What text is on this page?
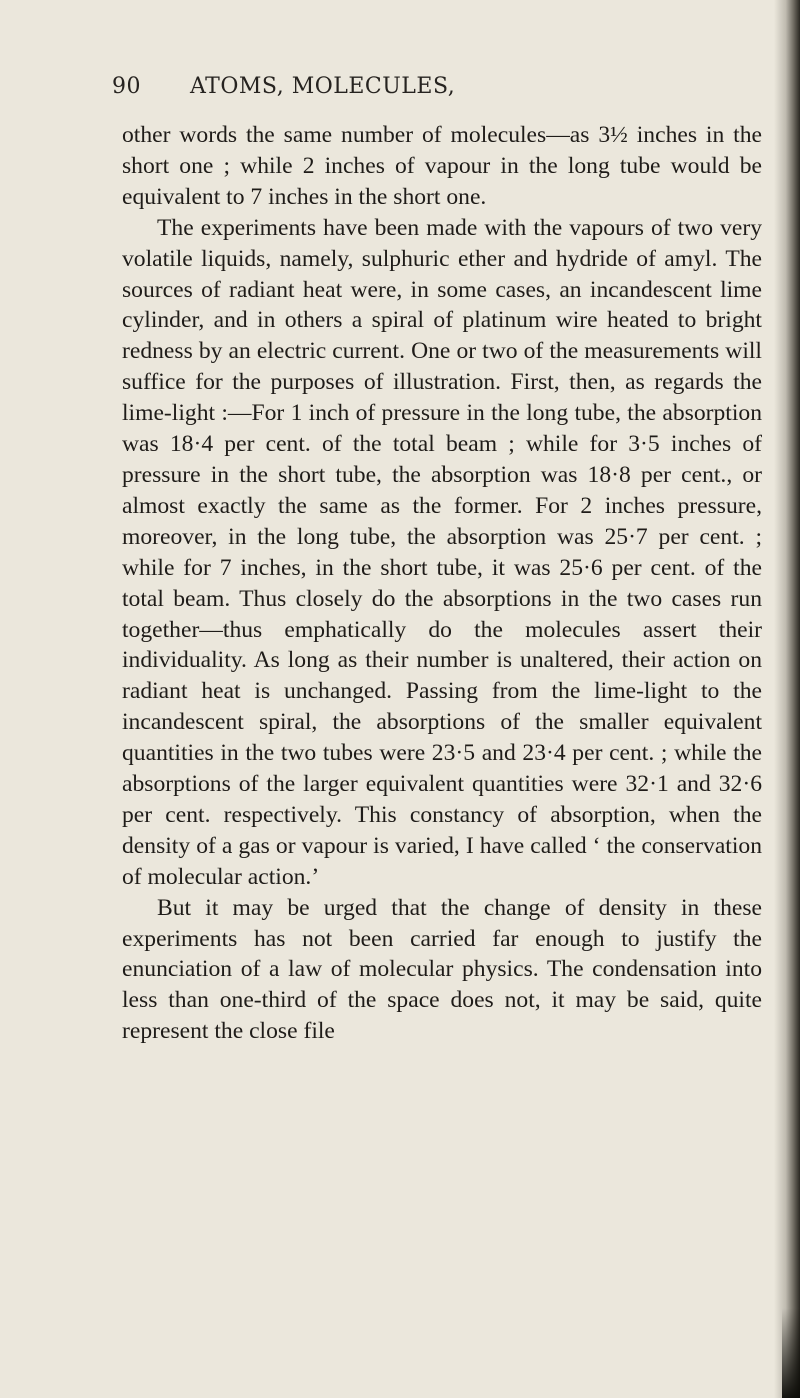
90 ATOMS, MOLECULES,

other words the same number of molecules—as 3½ inches in the short one ; while 2 inches of vapour in the long tube would be equivalent to 7 inches in the short one.

The experiments have been made with the vapours of two very volatile liquids, namely, sulphuric ether and hydride of amyl. The sources of radiant heat were, in some cases, an incandescent lime cylinder, and in others a spiral of platinum wire heated to bright redness by an electric current. One or two of the measurements will suffice for the purposes of illustration. First, then, as regards the lime-light :—For 1 inch of pressure in the long tube, the absorption was 18·4 per cent. of the total beam ; while for 3·5 inches of pressure in the short tube, the absorption was 18·8 per cent., or almost exactly the same as the former. For 2 inches pressure, moreover, in the long tube, the absorption was 25·7 per cent. ; while for 7 inches, in the short tube, it was 25·6 per cent. of the total beam. Thus closely do the absorptions in the two cases run together—thus emphatically do the molecules assert their individuality. As long as their number is unaltered, their action on radiant heat is unchanged. Passing from the lime-light to the incandescent spiral, the absorptions of the smaller equivalent quantities in the two tubes were 23·5 and 23·4 per cent. ; while the absorptions of the larger equivalent quantities were 32·1 and 32·6 per cent. respectively. This constancy of absorption, when the density of a gas or vapour is varied, I have called ‘ the conservation of molecular action.’

But it may be urged that the change of density in these experiments has not been carried far enough to justify the enunciation of a law of molecular physics. The condensation into less than one-third of the space does not, it may be said, quite represent the close file
